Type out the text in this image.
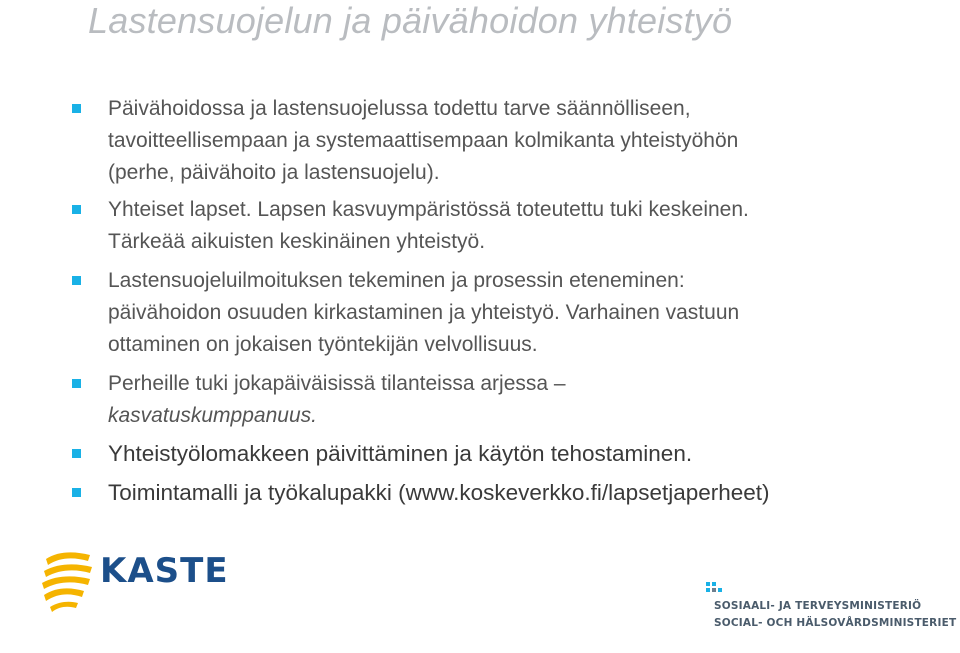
Lastensuojelun ja päivähoidon yhteistyö
Päivähoidossa ja lastensuojelussa todettu tarve säännölliseen,
tavoitteellisempaan ja systemaattisempaan kolmikanta yhteistyöhön
(perhe, päivähoito ja lastensuojelu).
Yhteiset lapset. Lapsen kasvuympäristössä toteutettu tuki keskeinen.
Tärkeää aikuisten keskinäinen yhteistyö.
Lastensuojeluilmoituksen tekeminen ja prosessin eteneminen:
päivähoidon osuuden kirkastaminen ja yhteistyö. Varhainen vastuun
ottaminen on jokaisen työntekijän velvollisuus.
Perheille tuki jokapäiväisissä tilanteissa arjessa –
kasvatuskumppanuus.
Yhteistyölomakkeen päivittäminen ja käytön tehostaminen.
Toimintamalli ja työkalupakki (www.koskeverkko.fi/lapsetjaperheet)
KASTE
SOSIAALI- JA TERVEYSMINISTERIÖ
SOCIAL- OCH HÄLSOVÅRDSMINISTERIET
